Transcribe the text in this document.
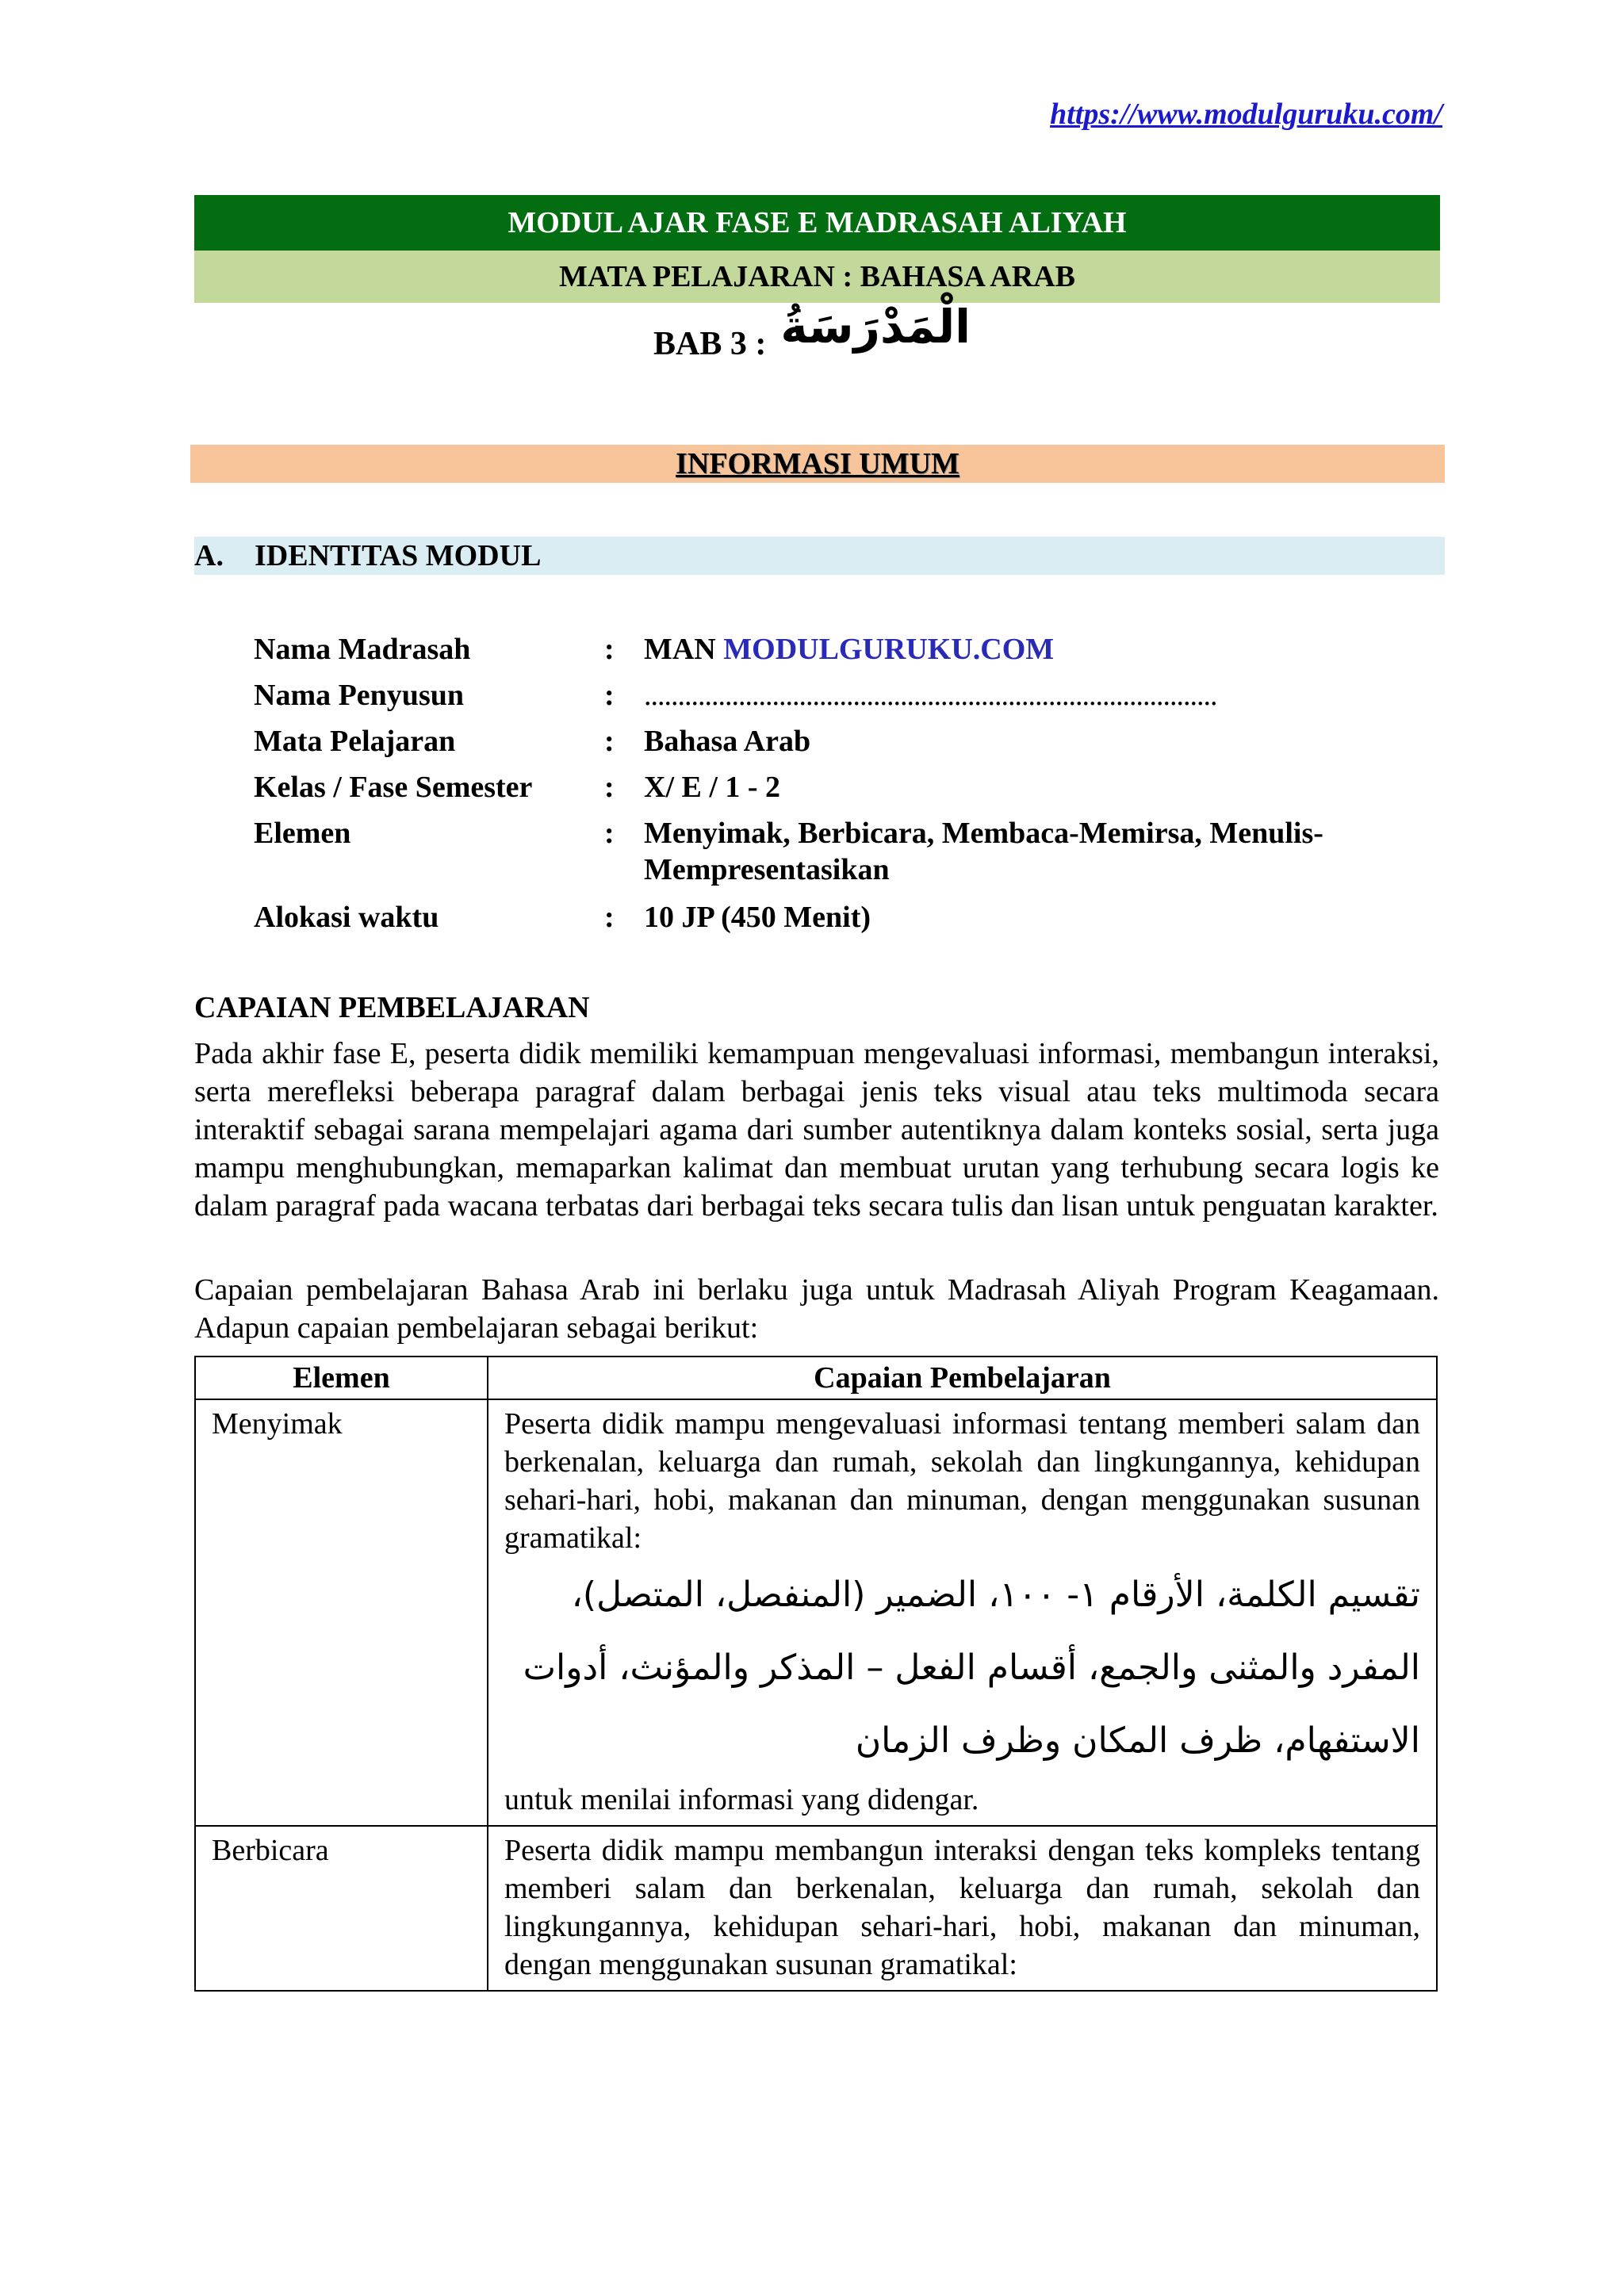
https://www.modulguruku.com/
MODUL AJAR FASE E MADRASAH ALIYAH
MATA PELAJARAN : BAHASA ARAB
BAB 3 : الْمَدْرَسَةُ
INFORMASI UMUM
A. IDENTITAS MODUL
Nama Madrasah	: MAN MODULGURUKU.COM
Nama Penyusun	: .....................................................................................
Mata Pelajaran	: Bahasa Arab
Kelas / Fase Semester : X/ E / 1 - 2
Elemen	: Menyimak, Berbicara, Membaca-Memirsa, Menulis-
Mempresentasikan
Alokasi waktu	: 10 JP (450 Menit)
CAPAIAN PEMBELAJARAN
Pada akhir fase E, peserta didik memiliki kemampuan mengevaluasi informasi, membangun interaksi, serta merefleksi beberapa paragraf dalam berbagai jenis teks visual atau teks multimoda secara interaktif sebagai sarana mempelajari agama dari sumber autentiknya dalam konteks sosial, serta juga mampu menghubungkan, memaparkan kalimat dan membuat urutan yang terhubung secara logis ke dalam paragraf pada wacana terbatas dari berbagai teks secara tulis dan lisan untuk penguatan karakter.
Capaian pembelajaran Bahasa Arab ini berlaku juga untuk Madrasah Aliyah Program Keagamaan. Adapun capaian pembelajaran sebagai berikut:
Elemen	Capaian Pembelajaran
Menyimak	Peserta didik mampu mengevaluasi informasi tentang memberi salam dan berkenalan, keluarga dan rumah, sekolah dan lingkungannya, kehidupan sehari-hari, hobi, makanan dan minuman, dengan menggunakan susunan gramatikal:
تقسيم الكلمة، الأرقام ١- ١٠٠، الضمير (المنفصل، المتصل)، المفرد والمثنى والجمع، أقسام الفعل – المذكر والمؤنث، أدوات الاستفهام، ظرف المكان وظرف الزمان
untuk menilai informasi yang didengar.

Berbicara	Peserta didik mampu membangun interaksi dengan teks kompleks tentang memberi salam dan berkenalan, keluarga dan rumah, sekolah dan lingkungannya, kehidupan sehari-hari, hobi, makanan dan minuman, dengan menggunakan susunan gramatikal:
